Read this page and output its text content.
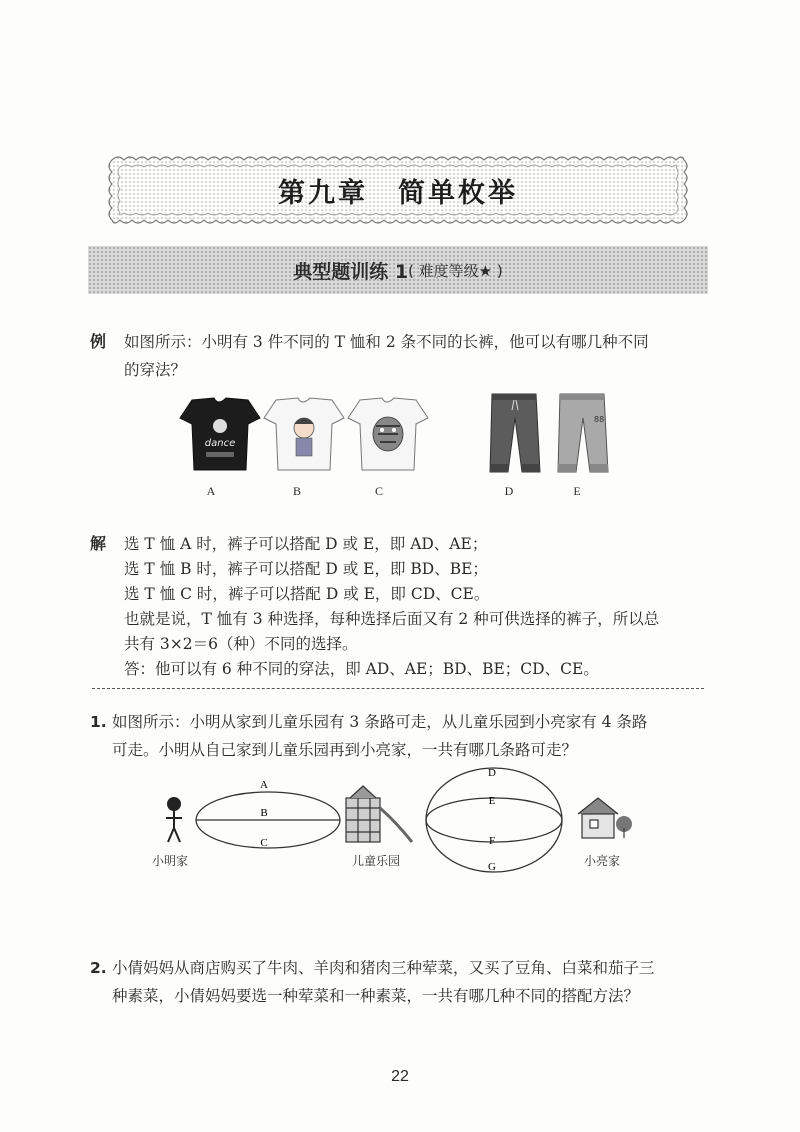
第九章　简单枚举
典型题训练 1 ( 难度等级★ )
例 如图所示：小明有 3 件不同的 T 恤和 2 条不同的长裤，他可以有哪几种不同
的穿法？
dance
88
A	B	C	D	E
解 选 T 恤 A 时，裤子可以搭配 D 或 E，即 AD、AE；
选 T 恤 B 时，裤子可以搭配 D 或 E，即 BD、BE；
选 T 恤 C 时，裤子可以搭配 D 或 E，即 CD、CE。
也就是说，T 恤有 3 种选择，每种选择后面又有 2 种可供选择的裤子，所以总
共有 3×2＝6（种）不同的选择。
答：他可以有 6 种不同的穿法，即 AD、AE；BD、BE；CD、CE。
1. 如图所示：小明从家到儿童乐园有 3 条路可走，从儿童乐园到小亮家有 4 条路
可走。小明从自己家到儿童乐园再到小亮家，一共有哪几条路可走？
A
B
C
D
E
F
G
小明家	儿童乐园	小亮家
2. 小倩妈妈从商店购买了牛肉、羊肉和猪肉三种荤菜，又买了豆角、白菜和茄子三
种素菜，小倩妈妈要选一种荤菜和一种素菜，一共有哪几种不同的搭配方法？
22
